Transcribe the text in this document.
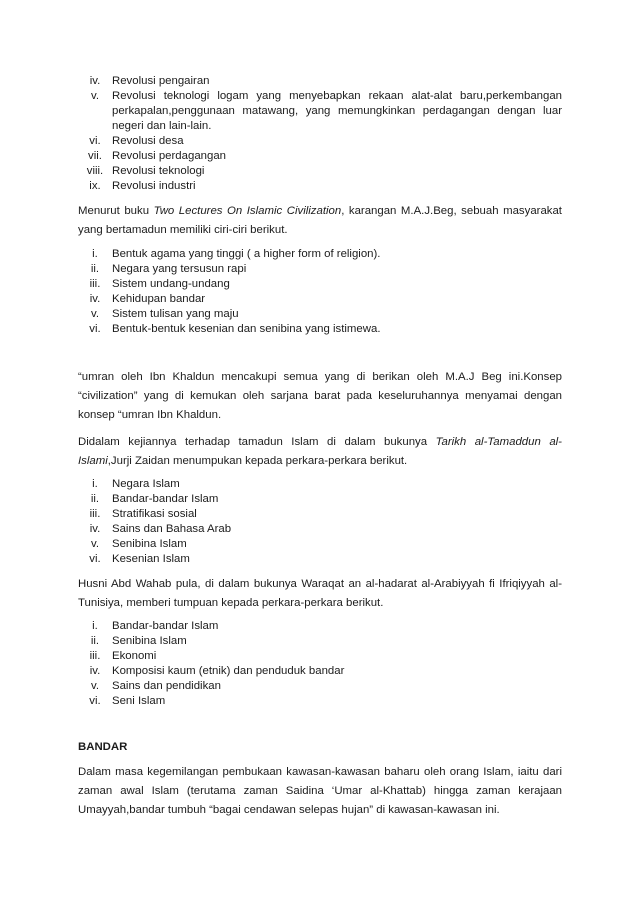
iv.	Revolusi pengairan
v.	Revolusi teknologi logam yang menyebapkan rekaan alat-alat baru,perkembangan perkapalan,penggunaan matawang, yang memungkinkan perdagangan dengan luar negeri dan lain-lain.
vi. Revolusi desa
vii. Revolusi perdagangan
viii. Revolusi teknologi
ix. Revolusi industri

Menurut buku Two Lectures On Islamic Civilization, karangan M.A.J.Beg, sebuah masyarakat yang bertamadun memiliki ciri-ciri berikut.

i.	Bentuk agama yang tinggi ( a higher form of religion).
ii.	Negara yang tersusun rapi
iii.	Sistem undang-undang
iv.	Kehidupan bandar
v.	Sistem tulisan yang maju
vi. Bentuk-bentuk kesenian dan senibina yang istimewa.

“umran oleh Ibn Khaldun mencakupi semua yang di berikan oleh M.A.J Beg ini.Konsep “civilization” yang di kemukan oleh sarjana barat pada keseluruhannya menyamai dengan konsep “umran Ibn Khaldun.

Didalam kejiannya terhadap tamadun Islam di dalam bukunya Tarikh al-Tamaddun al-Islami,Jurji Zaidan menumpukan kepada perkara-perkara berikut.

i.	Negara Islam
ii.	Bandar-bandar Islam
iii.	Stratifikasi sosial
iv.	Sains dan Bahasa Arab
v.	Senibina Islam
vi. Kesenian Islam

Husni Abd Wahab pula, di dalam bukunya Waraqat an al-hadarat al-Arabiyyah fi Ifriqiyyah al-Tunisiya, memberi tumpuan kepada perkara-perkara berikut.

i.	Bandar-bandar Islam
ii.	Senibina Islam
iii.	Ekonomi
iv.	Komposisi kaum (etnik) dan penduduk bandar
v.	Sains dan pendidikan
vi. Seni Islam

BANDAR

Dalam masa kegemilangan pembukaan kawasan-kawasan baharu oleh orang Islam, iaitu dari zaman awal Islam (terutama zaman Saidina ‘Umar al-Khattab) hingga zaman kerajaan Umayyah,bandar tumbuh “bagai cendawan selepas hujan” di kawasan-kawasan ini.
